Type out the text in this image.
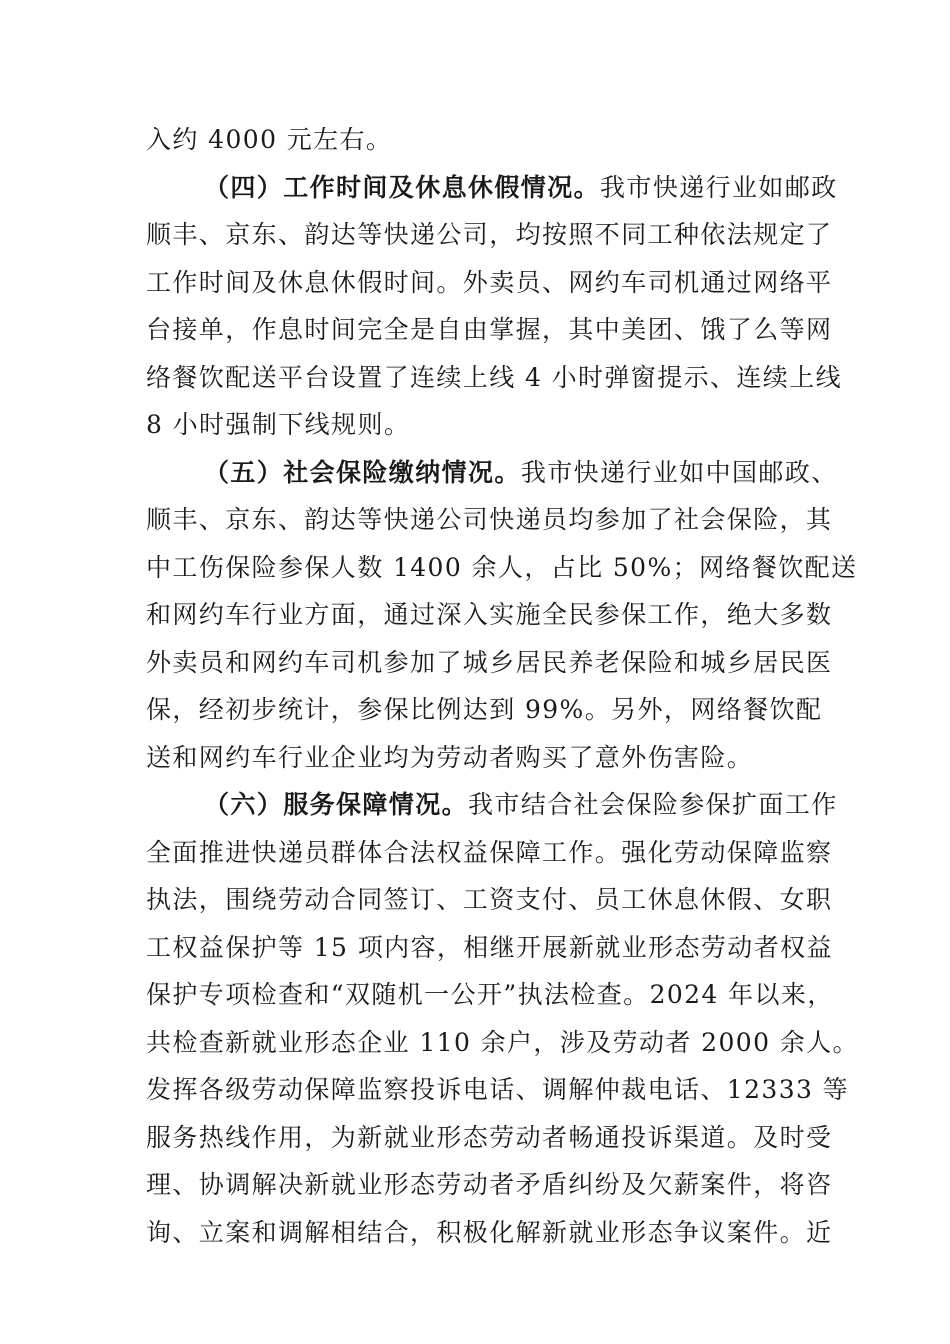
入约 4000 元左右。
（四）工作时间及休息休假情况。我市快递行业如邮政
顺丰、京东、韵达等快递公司，均按照不同工种依法规定了
工作时间及休息休假时间。外卖员、网约车司机通过网络平
台接单，作息时间完全是自由掌握，其中美团、饿了么等网
络餐饮配送平台设置了连续上线 4 小时弹窗提示、连续上线
8 小时强制下线规则。
（五）社会保险缴纳情况。我市快递行业如中国邮政、
顺丰、京东、韵达等快递公司快递员均参加了社会保险，其
中工伤保险参保人数 1400 余人，占比 50%；网络餐饮配送
和网约车行业方面，通过深入实施全民参保工作，绝大多数
外卖员和网约车司机参加了城乡居民养老保险和城乡居民医
保，经初步统计，参保比例达到 99%。另外，网络餐饮配
送和网约车行业企业均为劳动者购买了意外伤害险。
（六）服务保障情况。我市结合社会保险参保扩面工作
全面推进快递员群体合法权益保障工作。强化劳动保障监察
执法，围绕劳动合同签订、工资支付、员工休息休假、女职
工权益保护等 15 项内容，相继开展新就业形态劳动者权益
保护专项检查和“双随机一公开”执法检查。2024 年以来，
共检查新就业形态企业 110 余户，涉及劳动者 2000 余人。
发挥各级劳动保障监察投诉电话、调解仲裁电话、12333 等
服务热线作用，为新就业形态劳动者畅通投诉渠道。及时受
理、协调解决新就业形态劳动者矛盾纠纷及欠薪案件，将咨
询、立案和调解相结合，积极化解新就业形态争议案件。近
